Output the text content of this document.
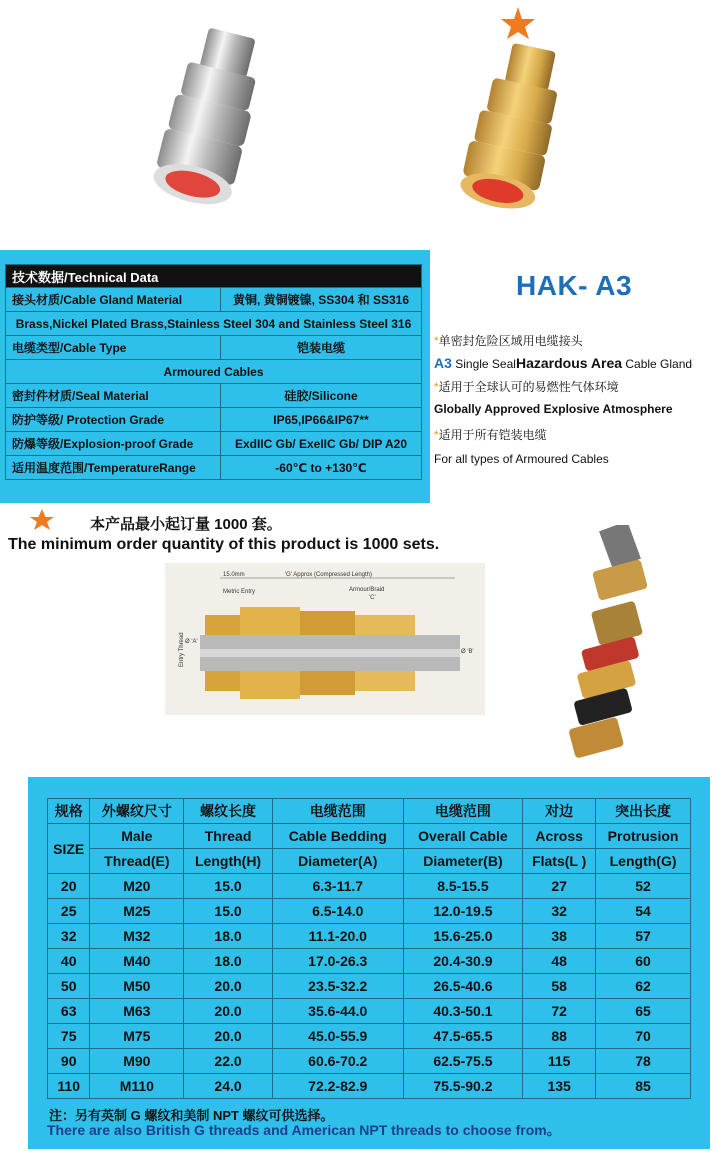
技术数据/Technical Data	
接头材质/Cable Gland Material	黄铜, 黄铜镀镍, SS304 和 SS316
Brass,Nickel Plated Brass,Stainless Steel 304 and Stainless Steel 316	
电缆类型/Cable Type	铠装电缆
Armoured Cables	
密封件材质/Seal Material	硅胶/Silicone
防护等级/ Protection Grade	IP65,IP66&IP67**
防爆等级/Explosion-proof Grade	ExdIIC Gb/ ExeIIC Gb/ DIP A20
适用温度范围/TemperatureRange	-60℃ to +130℃
HAK- A3
*单密封危险区域用电缆接头
A3 Single SealHazardous Area Cable Gland
*适用于全球认可的易燃性气体环境
Globally Approved Explosive Atmosphere
*适用于所有铠装电缆
For all types of Armoured Cables
本产品最小起订量 1000 套。
The minimum order quantity of this product is 1000 sets.
15.0mm	'G' Approx (Compressed Length)
Metric Entry	Armour/Braid
'C'
Entry Thread Ø 'A'
Ø 'B'
规格	外螺纹尺寸	螺纹长度	电缆范围	电缆范围	对边	突出长度
SIZE	Male	Thread	Cable Bedding	Overall Cable	Across	Protrusion
	Thread(E)	Length(H)	Diameter(A)	Diameter(B)	Flats(L )	Length(G)
20	M20	15.0	6.3-11.7	8.5-15.5	27	52
25	M25	15.0	6.5-14.0	12.0-19.5	32	54
32	M32	18.0	11.1-20.0	15.6-25.0	38	57
40	M40	18.0	17.0-26.3	20.4-30.9	48	60
50	M50	20.0	23.5-32.2	26.5-40.6	58	62
63	M63	20.0	35.6-44.0	40.3-50.1	72	65
75	M75	20.0	45.0-55.9	47.5-65.5	88	70
90	M90	22.0	60.6-70.2	62.5-75.5	115	78
110	M110	24.0	72.2-82.9	75.5-90.2	135	85
注：另有英制 G 螺纹和美制 NPT 螺纹可供选择。
There are also British G threads and American NPT threads to choose from。
